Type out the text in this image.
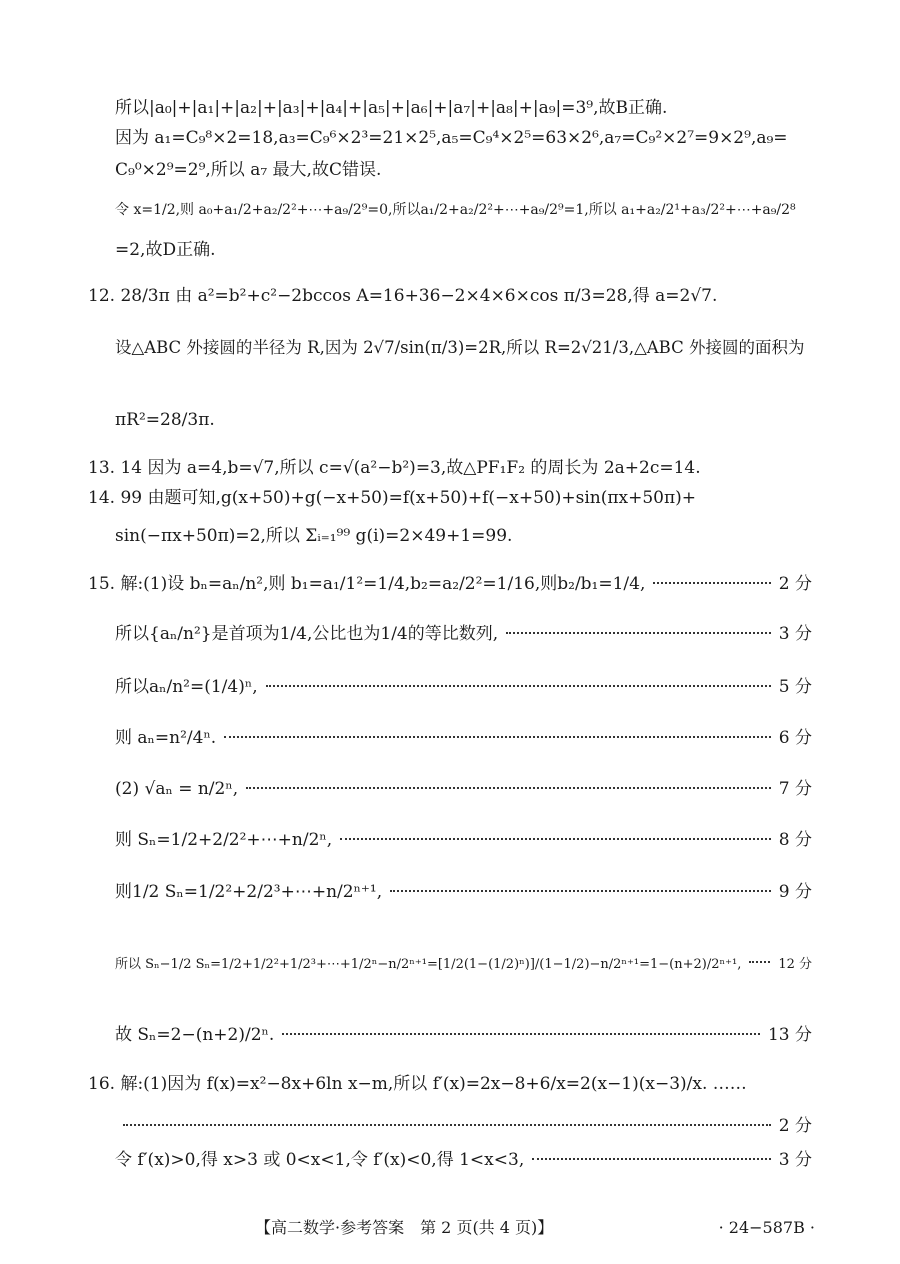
所以|a₀|+|a₁|+|a₂|+|a₃|+|a₄|+|a₅|+|a₆|+|a₇|+|a₈|+|a₉|=3⁹,故B正确.
因为 a₁=C₉⁸×2=18,a₃=C₉⁶×2³=21×2⁵,a₅=C₉⁴×2⁵=63×2⁶,a₇=C₉²×2⁷=9×2⁹,a₉=
C₉⁰×2⁹=2⁹,所以 a₇ 最大,故C错误.
令 x=1/2,则 a₀+a₁/2+a₂/2²+⋯+a₉/2⁹=0,所以a₁/2+a₂/2²+⋯+a₉/2⁹=1,所以 a₁+a₂/2¹+a₃/2²+⋯+a₉/2⁸
=2,故D正确.
12. 28/3π 由 a²=b²+c²−2bccos A=16+36−2×4×6×cos π/3=28,得 a=2√7.
设△ABC 外接圆的半径为 R,因为 2√7/sin(π/3)=2R,所以 R=2√21/3,△ABC 外接圆的面积为
πR²=28/3π.
13. 14 因为 a=4,b=√7,所以 c=√(a²−b²)=3,故△PF₁F₂ 的周长为 2a+2c=14.
14. 99 由题可知,g(x+50)+g(−x+50)=f(x+50)+f(−x+50)+sin(πx+50π)+
sin(−πx+50π)=2,所以 Σᵢ₌₁⁹⁹ g(i)=2×49+1=99.
15. 解:(1)设 bₙ=aₙ/n²,则 b₁=a₁/1²=1/4,b₂=a₂/2²=1/16,则b₂/b₁=1/4,	2 分
所以{aₙ/n²}是首项为1/4,公比也为1/4的等比数列,	3 分
所以aₙ/n²=(1/4)ⁿ,	5 分
则 aₙ=n²/4ⁿ.	6 分
(2) √aₙ = n/2ⁿ,	7 分
则 Sₙ=1/2+2/2²+⋯+n/2ⁿ,	8 分
则1/2 Sₙ=1/2²+2/2³+⋯+n/2ⁿ⁺¹,	9 分
所以 Sₙ−1/2 Sₙ=1/2+1/2²+1/2³+⋯+1/2ⁿ−n/2ⁿ⁺¹=[1/2(1−(1/2)ⁿ)]/(1−1/2)−n/2ⁿ⁺¹=1−(n+2)/2ⁿ⁺¹,	12 分
故 Sₙ=2−(n+2)/2ⁿ.	13 分
16. 解:(1)因为 f(x)=x²−8x+6ln x−m,所以 f′(x)=2x−8+6/x=2(x−1)(x−3)/x. ……
2 分
令 f′(x)>0,得 x>3 或 0<x<1,令 f′(x)<0,得 1<x<3,	3 分
【高二数学·参考答案　第 2 页(共 4 页)】	· 24−587B ·
